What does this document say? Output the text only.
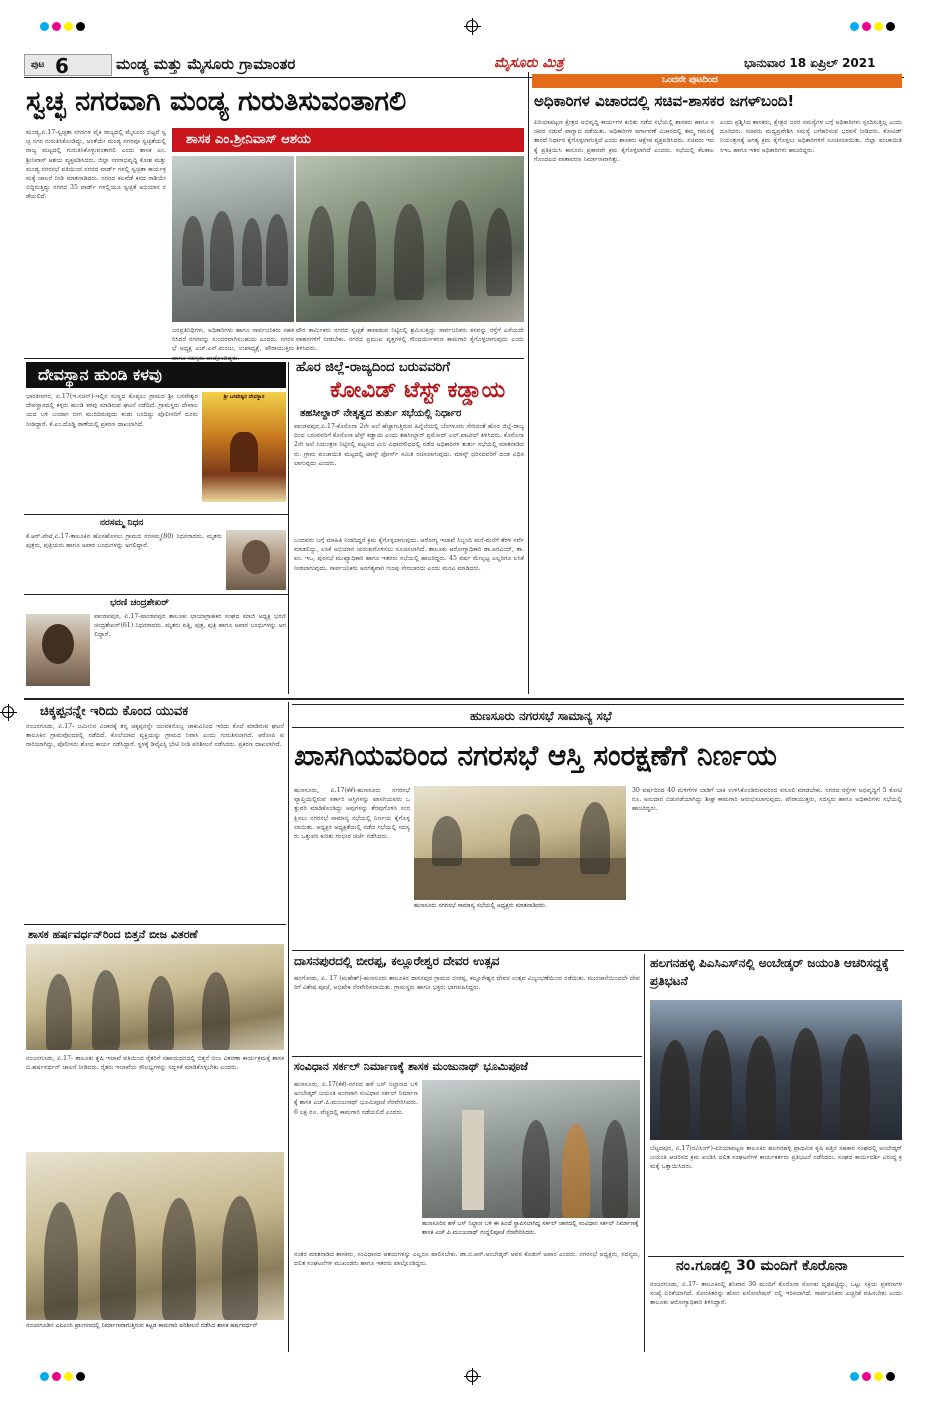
ಪುಟ 6	ಮಂಡ್ಯ ಮತ್ತು ಮೈಸೂರು ಗ್ರಾಮಾಂತರ	ಮೈಸೂರು ಮಿತ್ರ	ಭಾನುವಾರ 18 ಏಪ್ರಿಲ್ 2021
ಸ್ವಚ್ಛ ನಗರವಾಗಿ ಮಂಡ್ಯ ಗುರುತಿಸುವಂತಾಗಲಿ
ಶಾಸಕ ಎಂ.ಶ್ರೀನಿವಾಸ್ ಆಶಯ
ಮಂಡ್ಯ,ಏ.17-ಸ್ವಚ್ಛತಾ ನಗರಗಳ ಪೈಕಿ ರಾಜ್ಯದಲ್ಲಿ ಮೈಸೂರು ಬಿಟ್ಟರೆ ಸ್ವಚ್ಛ ನಗರ ಗುರುತಿಸಿಕೊಂಡಿದ್ದು, ಅಂತೆಯೇ ಮಂಡ್ಯ ನಗರವೂ ಸ್ವಚ್ಛತೆಯಲ್ಲಿ ರಾಜ್ಯ ಮಟ್ಟದಲ್ಲಿ ಗುರುತಿಸಿಕೊಳ್ಳುವಂತಾಗಲಿ ಎಂದು ಶಾಸಕ ಎಂ.ಶ್ರೀನಿವಾಸ್ ಆಶಯ ವ್ಯಕ್ತಪಡಿಸಿದರು. ಜಿಲ್ಲಾ ನಗರಾಭಿವೃದ್ಧಿ ಕೋಶ ಮತ್ತು ಮಂಡ್ಯ ನಗರಸಭೆ ವತಿಯಿಂದ ನಗರದ ವಾರ್ಡ್ ಗಳಲ್ಲಿ ಸ್ವಚ್ಛತಾ ಕಾರ್ಯಕ್ರಮಕ್ಕೆ ಚಾಲನೆ ನೀಡಿ ಮಾತನಾಡಿದರು. ನಗರದ ಕಲವೆಡೆ ಕಸದ ರಾಶಿಯೇ ಬಿದ್ದಿರುತ್ತಿದ್ದು ನಗರದ 35 ವಾರ್ಡ್ ಗಳಲ್ಲಿಯೂ ಸ್ವಚ್ಛತೆ ಅಭಿಯಾನ ನಡೆಯಲಿದೆ.
ಜನಪ್ರತಿನಿಧಿಗಳು, ಅಧಿಕಾರಿಗಳು ಹಾಗೂ ಸಾರ್ವಜನಿಕರು ಸಹಕರಿಸಿದರೆ ನಗರವನ್ನು ಸುಂದರವಾಗಿಸಬಹುದು ಎಂದರು. ನಗರಸಭೆ ಅಧ್ಯಕ್ಷ ಎಚ್.ಎಸ್.ಮಂಜು, ಉಪಾಧ್ಯಕ್ಷೆ, ಪೌರಾಯುಕ್ತರು
ಪೌರ ಕಾರ್ಮಿಕರು ನಗರದ ಸ್ವಚ್ಛತೆ ಕಾಪಾಡುವ ನಿಟ್ಟಿನಲ್ಲಿ ಶ್ರಮಿಸುತ್ತಿದ್ದು ಸಾರ್ವಜನಿಕರು ಕಸವನ್ನು ರಸ್ತೆಗೆ ಎಸೆಯದೇ ವಾಹನಗಳಿಗೆ ನೀಡಬೇಕು. ನಗರದ ಪ್ರಮುಖ ವೃತ್ತಗಳಲ್ಲಿ ಸೌಂದರ್ಯೀಕರಣ ಕಾಮಗಾರಿ ಕೈಗೊಳ್ಳಲಾಗುವುದು ಎಂದು ತಿಳಿಸಿದರು.
ದೇವಸ್ಥಾನ ಹುಂಡಿ ಕಳವು
ಭಾರತೀನಗರ, ಏ.17(ಇ.ಸಚಿನ್)-ಇಲ್ಲಿನ ಸುಣ್ಣದ ಕೊಪ್ಪಲು ಗ್ರಾಮದ ಶ್ರೀ ಬಸವೇಶ್ವರ ದೇವಸ್ಥಾನದಲ್ಲಿ ಕಳ್ಳರು ಹುಂಡಿ ಕಳವು ಮಾಡಿರುವ ಘಟನೆ ನಡೆದಿದೆ. ಗ್ರಾಮಸ್ಥರು ದೇವಾಲಯದ ಬಳಿ ಬಂದಾಗ ಬೀಗ ಮುರಿದಿರುವುದು ಕಂಡು ಬಂದಿದ್ದು ಪೊಲೀಸರಿಗೆ ದೂರು ನೀಡಿದ್ದಾರೆ. ಕೆ.ಎಂ.ದೊಡ್ಡಿ ಠಾಣೆಯಲ್ಲಿ ಪ್ರಕರಣ ದಾಖಲಾಗಿದೆ.
ಶ್ರೀ ಬಸವೇಶ್ವರ ದೇವಸ್ಥಾನ
ನರಸಮ್ಮ ನಿಧನ
ಕೆ.ಆರ್.ಪೇಟೆ,ಏ.17-ತಾಲೂಕಿನ ಹೊಸಹೊಳಲು ಗ್ರಾಮದ ನರಸಮ್ಮ(80) ನಿಧನರಾದರು. ಮೃತರು ಪುತ್ರರು, ಪುತ್ರಿಯರು ಹಾಗೂ ಅಪಾರ ಬಂಧುಗಳನ್ನು ಅಗಲಿದ್ದಾರೆ.
ಭರಣಿ ಚಂದ್ರಶೇಖರ್
ಪಾಂಡವಪುರ, ಏ.17-ಪಾಂಡವಪುರ ತಾಲೂಕು ಛಾಯಾಗ್ರಾಹಕರ ಸಂಘದ ಮಾಜಿ ಅಧ್ಯಕ್ಷ ಭರಣಿ ಚಂದ್ರಶೇಖರ್(61) ನಿಧನರಾದರು. ಮೃತರು ಪತ್ನಿ, ಪುತ್ರ, ಪುತ್ರಿ ಹಾಗೂ ಅಪಾರ ಬಂಧುಗಳನ್ನು ಅಗಲಿದ್ದಾರೆ.
ಹೊರ ಜಿಲ್ಲೆ-ರಾಜ್ಯದಿಂದ ಬರುವವರಿಗೆ
ಕೋವಿಡ್ ಟೆಸ್ಟ್ ಕಡ್ಡಾಯ
ತಹಸೀಲ್ದಾರ್ ನೇತೃತ್ವದ ತುರ್ತು ಸಭೆಯಲ್ಲಿ ನಿರ್ಧಾರ
ಪಾಂಡವಪುರ,ಏ.17-ಕೊರೊನಾ 2ನೇ ಅಲೆ ಹೆಚ್ಚಾಗುತ್ತಿರುವ ಹಿನ್ನೆಲೆಯಲ್ಲಿ ಬೆಂಗಳೂರು ಸೇರಿದಂತೆ ಹೊರ ಜಿಲ್ಲೆ-ರಾಜ್ಯದಿಂದ ಬರುವವರಿಗೆ ಕೊರೊನಾ ಟೆಸ್ಟ್ ಕಡ್ಡಾಯ ಎಂದು ತಹಸೀಲ್ದಾರ್ ಪ್ರಮೋದ್ ಎಲ್.ಪಾಟೀಲ್ ತಿಳಿಸಿದರು. ಕೊರೊನಾ 2ನೇ ಅಲೆ ನಿಯಂತ್ರಣ ನಿಟ್ಟಿನಲ್ಲಿ ಪಟ್ಟಣದ ಮಿನಿ ವಿಧಾನಸೌಧದಲ್ಲಿ ನಡೆದ ಅಧಿಕಾರಿಗಳ ತುರ್ತು ಸಭೆಯಲ್ಲಿ ಮಾತನಾಡಿದರು. ಗ್ರಾಮ ಪಂಚಾಯಿತಿ ಮಟ್ಟದಲ್ಲಿ ಟಾಸ್ಕ್ ಫೋರ್ಸ್ ಸಮಿತಿ ರಚಿಸಲಾಗುವುದು. ಮಾಸ್ಕ್ ಧರಿಸದವರಿಗೆ ದಂಡ ವಿಧಿಸಲಾಗುವುದು ಎಂದರು.
ಬಂದವರು ಬಗ್ಗೆ ಮಾಹಿತಿ ನೀಡದಿದ್ದರೆ ಕ್ರಮ ಕೈಗೊಳ್ಳಲಾಗುವುದು. ಆರೋಗ್ಯ ಇಲಾಖೆ ಸಿಬ್ಬಂದಿ ಮನೆ-ಮನೆಗೆ ತೆರಳಿ ಸರ್ವೆ ಮಾಡಲಿದ್ದು, ಲಸಿಕೆ ಅಭಿಯಾನ ಚುರುಕುಗೊಳಿಸಲು ಸೂಚಿಸಲಾಗಿದೆ. ತಾಲೂಕು ಆರೋಗ್ಯಾಧಿಕಾರಿ ಡಾ.ಅರವಿಂದ್, ತಾ.ಪಂ. ಇಒ, ಪುರಸಭೆ ಮುಖ್ಯಾಧಿಕಾರಿ ಹಾಗೂ ಇತರರು ಸಭೆಯಲ್ಲಿ ಹಾಜರಿದ್ದರು. 45 ವರ್ಷ ಮೇಲ್ಪಟ್ಟ ಎಲ್ಲರಿಗೂ ಲಸಿಕೆ ನೀಡಲಾಗುವುದು. ಸಾರ್ವಜನಿಕರು ಅನಗತ್ಯವಾಗಿ ಗುಂಪು ಸೇರಬಾರದು ಎಂದು ಮನವಿ ಮಾಡಿದರು.
ಒಂದನೇ ಪುಟದಿಂದ
ಅಧಿಕಾರಿಗಳ ವಿಚಾರದಲ್ಲಿ ಸಚಿವ-ಶಾಸಕರ ಜಗಳ್‌ಬಂದಿ!
ಪಿರಿಯಾಪಟ್ಟಣ ಕ್ಷೇತ್ರದ ಅಭಿವೃದ್ಧಿ ಕಾರ್ಯಗಳ ಕುರಿತು ನಡೆದ ಸಭೆಯಲ್ಲಿ ಶಾಸಕರು ಹಾಗೂ ಸಚಿವರ ನಡುವೆ ವಾಗ್ವಾದ ನಡೆಯಿತು. ಅಧಿಕಾರಿಗಳ ವರ್ಗಾವಣೆ ವಿಚಾರದಲ್ಲಿ ತಮ್ಮ ಗಮನಕ್ಕೆ ತಾರದೆ ನಿರ್ಧಾರ ಕೈಗೊಳ್ಳಲಾಗುತ್ತಿದೆ ಎಂದು ಶಾಸಕರು ಆಕ್ಷೇಪ ವ್ಯಕ್ತಪಡಿಸಿದರು. ಸಚಿವರು ಇದಕ್ಕೆ ಪ್ರತಿಕ್ರಿಯಿಸಿ ಕಾನೂನು ಪ್ರಕಾರವೇ ಕ್ರಮ ಕೈಗೊಳ್ಳಲಾಗಿದೆ ಎಂದರು. ಸಭೆಯಲ್ಲಿ ಕೆಲಕಾಲ ಗೊಂದಲದ ವಾತಾವರಣ ನಿರ್ಮಾಣವಾಗಿತ್ತು.
ಎಂದು ಪ್ರಶ್ನಿಸಿದ ಶಾಸಕರು, ಕ್ಷೇತ್ರದ ಜನರ ಸಮಸ್ಯೆಗಳ ಬಗ್ಗೆ ಅಧಿಕಾರಿಗಳು ಸ್ಪಂದಿಸುತ್ತಿಲ್ಲ ಎಂದು ದೂರಿದರು. ಸಚಿವರು ಮಧ್ಯಪ್ರವೇಶಿಸಿ ಸಮಸ್ಯೆ ಬಗೆಹರಿಸುವ ಭರವಸೆ ನೀಡಿದರು. ಕೋವಿಡ್ ನಿಯಂತ್ರಣಕ್ಕೆ ಅಗತ್ಯ ಕ್ರಮ ಕೈಗೊಳ್ಳಲು ಅಧಿಕಾರಿಗಳಿಗೆ ಸೂಚಿಸಲಾಯಿತು. ಜಿಲ್ಲಾ ಪಂಚಾಯಿತಿ ಸಿಇಒ ಹಾಗೂ ಇತರ ಅಧಿಕಾರಿಗಳು ಹಾಜರಿದ್ದರು.
ಚಿಕ್ಕಪ್ಪನನ್ನೇ ಇರಿದು ಕೊಂದ ಯುವಕ
ನಂಜನಗೂಡು, ಏ.17- ಜಮೀನಿನ ವಿಚಾರಕ್ಕೆ ತನ್ನ ಚಿಕ್ಕಪ್ಪನನ್ನೇ ಯುವಕನೊಬ್ಬ ಚಾಕುವಿನಿಂದ ಇರಿದು ಕೊಲೆ ಮಾಡಿರುವ ಘಟನೆ ತಾಲೂಕಿನ ಗ್ರಾಮವೊಂದರಲ್ಲಿ ನಡೆದಿದೆ. ಕೊಲೆಯಾದ ವ್ಯಕ್ತಿಯನ್ನು ಗ್ರಾಮದ ನಿವಾಸಿ ಎಂದು ಗುರುತಿಸಲಾಗಿದೆ. ಆರೋಪಿ ಪರಾರಿಯಾಗಿದ್ದು, ಪೊಲೀಸರು ಶೋಧ ಕಾರ್ಯ ನಡೆಸಿದ್ದಾರೆ. ಸ್ಥಳಕ್ಕೆ ಡಿವೈಎಸ್ಪಿ ಭೇಟಿ ನೀಡಿ ಪರಿಶೀಲನೆ ನಡೆಸಿದರು. ಪ್ರಕರಣ ದಾಖಲಾಗಿದೆ.
ಶಾಸಕ ಹರ್ಷವರ್ಧನ್‌ರಿಂದ ಬಿತ್ತನೆ ಬೀಜ ವಿತರಣೆ
ನಂಜನಗೂಡು, ಏ.17- ತಾಲೂಕು ಕೃಷಿ ಇಲಾಖೆ ವತಿಯಿಂದ ರೈತರಿಗೆ ಸಹಾಯಧನದಲ್ಲಿ ಬಿತ್ತನೆ ಬೀಜ ವಿತರಣಾ ಕಾರ್ಯಕ್ರಮಕ್ಕೆ ಶಾಸಕ ಬಿ.ಹರ್ಷವರ್ಧನ್ ಚಾಲನೆ ನೀಡಿದರು. ರೈತರು ಇಲಾಖೆಯ ಸೌಲಭ್ಯಗಳನ್ನು ಸದ್ಬಳಕೆ ಮಾಡಿಕೊಳ್ಳಬೇಕು ಎಂದರು.
ನಂಜನಗೂಡಿನ ಎಪಿಎಂಸಿ ಪ್ರಾಂಗಣದಲ್ಲಿ ನಿರ್ಮಾಣವಾಗುತ್ತಿರುವ ಕಟ್ಟಡ ಕಾಮಗಾರಿ ಪರಿಶೀಲನೆ ನಡೆಸಿದ ಶಾಸಕ ಹರ್ಷವರ್ಧನ್
ಹುಣಸೂರು ನಗರಸಭೆ ಸಾಮಾನ್ಯ ಸಭೆ
ಖಾಸಗಿಯವರಿಂದ ನಗರಸಭೆ ಆಸ್ತಿ ಸಂರಕ್ಷಣೆಗೆ ನಿರ್ಣಯ
ಹುಣಸೂರು, ಏ.17(ಕೆಕೆ)-ಹುಣಸೂರು ನಗರಸಭೆ ವ್ಯಾಪ್ತಿಯಲ್ಲಿರುವ ಸರ್ಕಾರಿ ಆಸ್ತಿಗಳನ್ನು ಖಾಸಗಿಯವರು ಒತ್ತುವರಿ ಮಾಡಿಕೊಂಡಿದ್ದು ಅವುಗಳನ್ನು ತೆರವುಗೊಳಿಸಿ ಸಂರಕ್ಷಿಸಲು ನಗರಸಭೆ ಸಾಮಾನ್ಯ ಸಭೆಯಲ್ಲಿ ನಿರ್ಣಯ ಕೈಗೊಳ್ಳಲಾಯಿತು. ಅಧ್ಯಕ್ಷರ ಅಧ್ಯಕ್ಷತೆಯಲ್ಲಿ ನಡೆದ ಸಭೆಯಲ್ಲಿ ಸದಸ್ಯರು ಒತ್ತುವರಿ ಕುರಿತು ಗಂಭೀರ ಚರ್ಚೆ ನಡೆಸಿದರು.
ಹುಣಸೂರು ನಗರಸಭೆ ಸಾಮಾನ್ಯ ಸಭೆಯಲ್ಲಿ ಅಧ್ಯಕ್ಷರು ಮಾತನಾಡಿದರು.
30 ವರ್ಷದಿಂದ 40 ಮಳಿಗೆಗಳ ಬಾಡಿಗೆ ಬಾಕಿ ಉಳಿಸಿಕೊಂಡಿರುವವರಿಂದ ವಸೂಲಿ ಮಾಡಬೇಕು. ನಗರದ ರಸ್ತೆಗಳ ಅಭಿವೃದ್ಧಿಗೆ 5 ಕೋಟಿ ರೂ. ಅನುದಾನ ಬಿಡುಗಡೆಯಾಗಿದ್ದು ಶೀಘ್ರ ಕಾಮಗಾರಿ ಆರಂಭಿಸಲಾಗುವುದು. ಪೌರಾಯುಕ್ತರು, ಸದಸ್ಯರು ಹಾಗೂ ಅಧಿಕಾರಿಗಳು ಸಭೆಯಲ್ಲಿ ಹಾಜರಿದ್ದರು.
ದಾಸನಪುರದಲ್ಲಿ ಬೀರಪ್ಪ, ಕಲ್ಲೂರೇಶ್ವರ ದೇವರ ಉತ್ಸವ
ಹನಗೋಡು, ಏ. 17 (ಮಹೇಶ್)-ಹುಣಸೂರು ತಾಲೂಕಿನ ದಾಸನಪುರ ಗ್ರಾಮದ ಬೀರಪ್ಪ, ಕಲ್ಲೂರೇಶ್ವರ ದೇವರ ಉತ್ಸವ ವಿಜೃಂಭಣೆಯಿಂದ ನಡೆಯಿತು. ಮುಂಜಾನೆಯಿಂದಲೇ ದೇವರಿಗೆ ವಿಶೇಷ ಪೂಜೆ, ಅಭಿಷೇಕ ನೆರವೇರಿಸಲಾಯಿತು. ಗ್ರಾಮಸ್ಥರು ಹಾಗೂ ಭಕ್ತರು ಭಾಗವಹಿಸಿದ್ದರು.
ಸಂವಿಧಾನ ಸರ್ಕಲ್ ನಿರ್ಮಾಣಕ್ಕೆ ಶಾಸಕ ಮಂಜುನಾಥ್ ಭೂಮಿಪೂಜೆ
ಹುಣಸೂರು, ಏ.17(ಕೆಕೆ)-ನಗರದ ಹಳೆ ಬಸ್ ನಿಲ್ದಾಣದ ಬಳಿ ಅಂಬೇಡ್ಕರ್ ಜಯಂತಿ ಅಂಗವಾಗಿ ಸಂವಿಧಾನ ಸರ್ಕಲ್ ನಿರ್ಮಾಣಕ್ಕೆ ಶಾಸಕ ಎಚ್.ಪಿ.ಮಂಜುನಾಥ್ ಭೂಮಿಪೂಜೆ ನೆರವೇರಿಸಿದರು. 6 ಲಕ್ಷ ರೂ. ವೆಚ್ಚದಲ್ಲಿ ಕಾಮಗಾರಿ ನಡೆಯಲಿದೆ ಎಂದರು.
ಹುಣಸೂರಿನ ಹಳೆ ಬಸ್ ನಿಲ್ದಾಣ ಬಳಿ ಈ ಹಿಂದೆ ಸ್ಥಾಪಿಸಲಾಗಿದ್ದ ಸರ್ಕಲ್ ಜಾಗದಲ್ಲಿ ಸಂವಿಧಾನ ಸರ್ಕಲ್ ನಿರ್ಮಾಣಕ್ಕೆ ಶಾಸಕ ಎಚ್.ಪಿ.ಮಂಜುನಾಥ್ ಗುದ್ದಲಿಪೂಜೆ ನೆರವೇರಿಸಿದರು.
ನಂತರ ಮಾತನಾಡಿದ ಶಾಸಕರು, ಸಂವಿಧಾನದ ಆಶಯಗಳನ್ನು ಎಲ್ಲರೂ ಪಾಲಿಸಬೇಕು. ಡಾ.ಬಿ.ಆರ್.ಅಂಬೇಡ್ಕರ್ ಅವರ ಕೊಡುಗೆ ಅಪಾರ ಎಂದರು. ನಗರಸಭೆ ಅಧ್ಯಕ್ಷರು, ಸದಸ್ಯರು, ದಲಿತ ಸಂಘಟನೆಗಳ ಮುಖಂಡರು ಹಾಗೂ ಇತರರು ಪಾಲ್ಗೊಂಡಿದ್ದರು.
ಹಲಗನಹಳ್ಳಿ ಪಿಎಸಿಎಸ್‌ನಲ್ಲಿ ಅಂಬೇಡ್ಕರ್ ಜಯಂತಿ ಆಚರಿಸದ್ದಕ್ಕೆ ಪ್ರತಿಭಟನೆ
ಬೆಟ್ಟದಪುರ, ಏ.17(ರವಿಸಿಂಗ್)-ಪಿರಿಯಾಪಟ್ಟಣ ತಾಲೂಕಿನ ಹಲಗನಹಳ್ಳಿ ಪ್ರಾಥಮಿಕ ಕೃಷಿ ಪತ್ತಿನ ಸಹಕಾರ ಸಂಘದಲ್ಲಿ ಅಂಬೇಡ್ಕರ್ ಜಯಂತಿ ಆಚರಿಸದ ಕ್ರಮ ಖಂಡಿಸಿ ದಲಿತ ಸಂಘಟನೆಗಳ ಕಾರ್ಯಕರ್ತರು ಪ್ರತಿಭಟನೆ ನಡೆಸಿದರು. ಸಂಘದ ಕಾರ್ಯದರ್ಶಿ ವಿರುದ್ಧ ಕ್ರಮಕ್ಕೆ ಒತ್ತಾಯಿಸಿದರು.
ನಂ.ಗೂಡಲ್ಲಿ 30 ಮಂದಿಗೆ ಕೊರೊನಾ
ನಂಜನಗೂಡು, ಏ.17- ತಾಲೂಕಿನಲ್ಲಿ ಶನಿವಾರ 30 ಮಂದಿಗೆ ಕೊರೊನಾ ಸೋಂಕು ದೃಢಪಟ್ಟಿದ್ದು, ಒಟ್ಟು ಸಕ್ರಿಯ ಪ್ರಕರಣಗಳ ಸಂಖ್ಯೆ ಏರಿಕೆಯಾಗಿದೆ. ಸೋಂಕಿತರನ್ನು ಹೋಂ ಐಸೋಲೇಷನ್ ನಲ್ಲಿ ಇರಿಸಲಾಗಿದೆ. ಸಾರ್ವಜನಿಕರು ಎಚ್ಚರಿಕೆ ವಹಿಸಬೇಕು ಎಂದು ತಾಲೂಕು ಆರೋಗ್ಯಾಧಿಕಾರಿ ತಿಳಿಸಿದ್ದಾರೆ.
